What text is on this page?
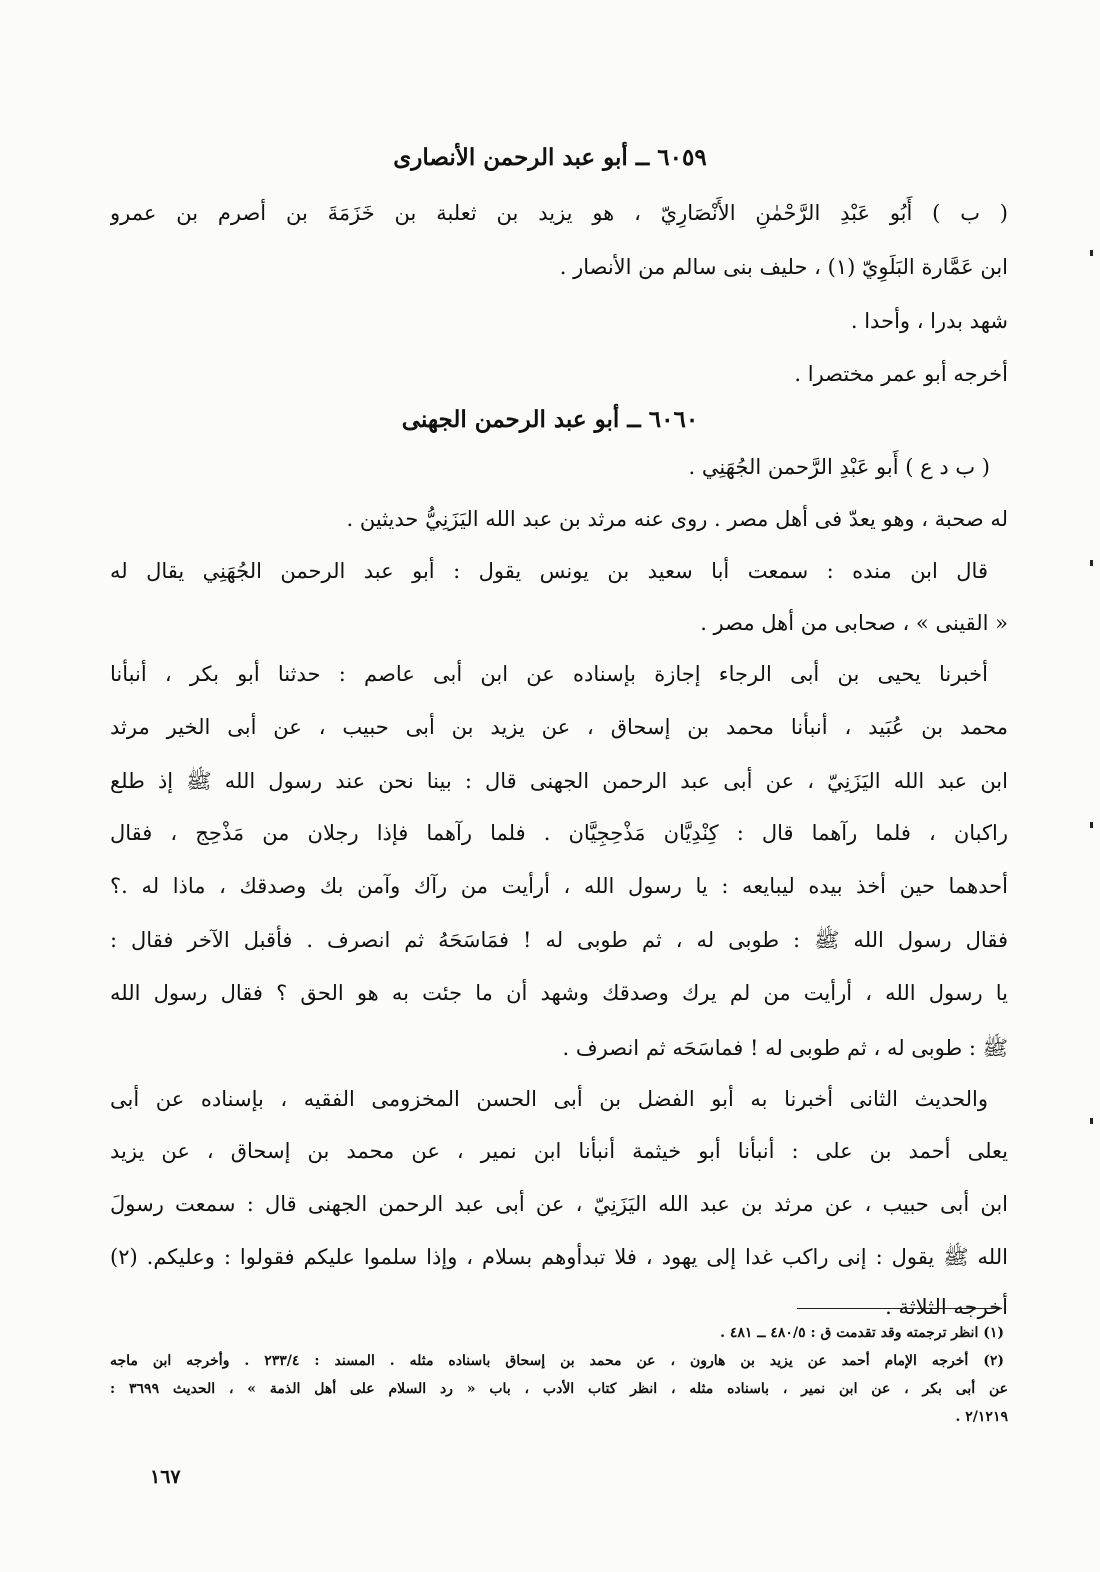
٦٠٥٩ ــ أبو عبد الرحمن الأنصارى
( ب ) أَبُو عَبْدِ الرَّحْمٰنِ الأَنْصَارِيّ ، هو يزيد بن ثعلبة بن خَزَمَةَ بن أصرم بن عمرو
ابن عَمَّارة البَلَوِيّ (١) ، حليف بنى سالم من الأنصار .
شهد بدرا ، وأحدا .
أخرجه أبو عمر مختصرا .
٦٠٦٠ ــ أبو عبد الرحمن الجهنى
( ب د ع ) أَبو عَبْدِ الرَّحمن الجُهَنِي .
له صحبة ، وهو يعدّ فى أهل مصر . روى عنه مرثد بن عبد الله اليَزَنِيُّ حديثين .
قال ابن منده : سمعت أبا سعيد بن يونس يقول : أبو عبد الرحمن الجُهَنِي يقال له
« القينى » ، صحابى من أهل مصر .
أخبرنا يحيى بن أبى الرجاء إجازة بإسناده عن ابن أبى عاصم : حدثنا أبو بكر ، أنبأنا
محمد بن عُبَيد ، أنبأنا محمد بن إسحاق ، عن يزيد بن أبى حبيب ، عن أبى الخير مرثد
ابن عبد الله اليَزَنِيّ ، عن أبى عبد الرحمن الجهنى قال : بينا نحن عند رسول الله ﷺ إذ طلع
راكبان ، فلما رآهما قال : كِنْدِيَّان مَذْحِجِيَّان . فلما رآهما فإذا رجلان من مَذْحِج ، فقال
أحدهما حين أخذ بيده ليبايعه : يا رسول الله ، أرأيت من رآك وآمن بك وصدقك ، ماذا له .؟
فقال رسول الله ﷺ : طوبى له ، ثم طوبى له ! فمَاسَحَهُ ثم انصرف . فأقبل الآخر فقال :
يا رسول الله ، أرأيت من لم يرك وصدقك وشهد أن ما جئت به هو الحق ؟ فقال رسول الله
ﷺ : طوبى له ، ثم طوبى له ! فماسَحَه ثم انصرف .
والحديث الثانى أخبرنا به أبو الفضل بن أبى الحسن المخزومى الفقيه ، بإسناده عن أبى
يعلى أحمد بن على : أنبأنا أبو خيثمة أنبأنا ابن نمير ، عن محمد بن إسحاق ، عن يزيد
ابن أبى حبيب ، عن مرثد بن عبد الله اليَزَنِيّ ، عن أبى عبد الرحمن الجهنى قال : سمعت رسولَ
الله ﷺ يقول : إنى راكب غدا إلى يهود ، فلا تبدأوهم بسلام ، وإذا سلموا عليكم فقولوا : وعليكم. (٢)
أخرجه الثلاثة .
(١) انظر ترجمته وقد تقدمت ق : ٤٨٠/٥ ــ ٤٨١ .
(٢) أخرجه الإمام أحمد عن يزيد بن هارون ، عن محمد بن إسحاق باسناده مثله . المسند : ٢٣٣/٤ . وأخرجه ابن ماجه
عن أبى بكر ، عن ابن نمير ، باسناده مثله ، انظر كتاب الأدب ، باب « رد السلام على أهل الذمة » ، الحديث ٣٦٩٩ :
٢/١٢١٩ .
١٦٧
